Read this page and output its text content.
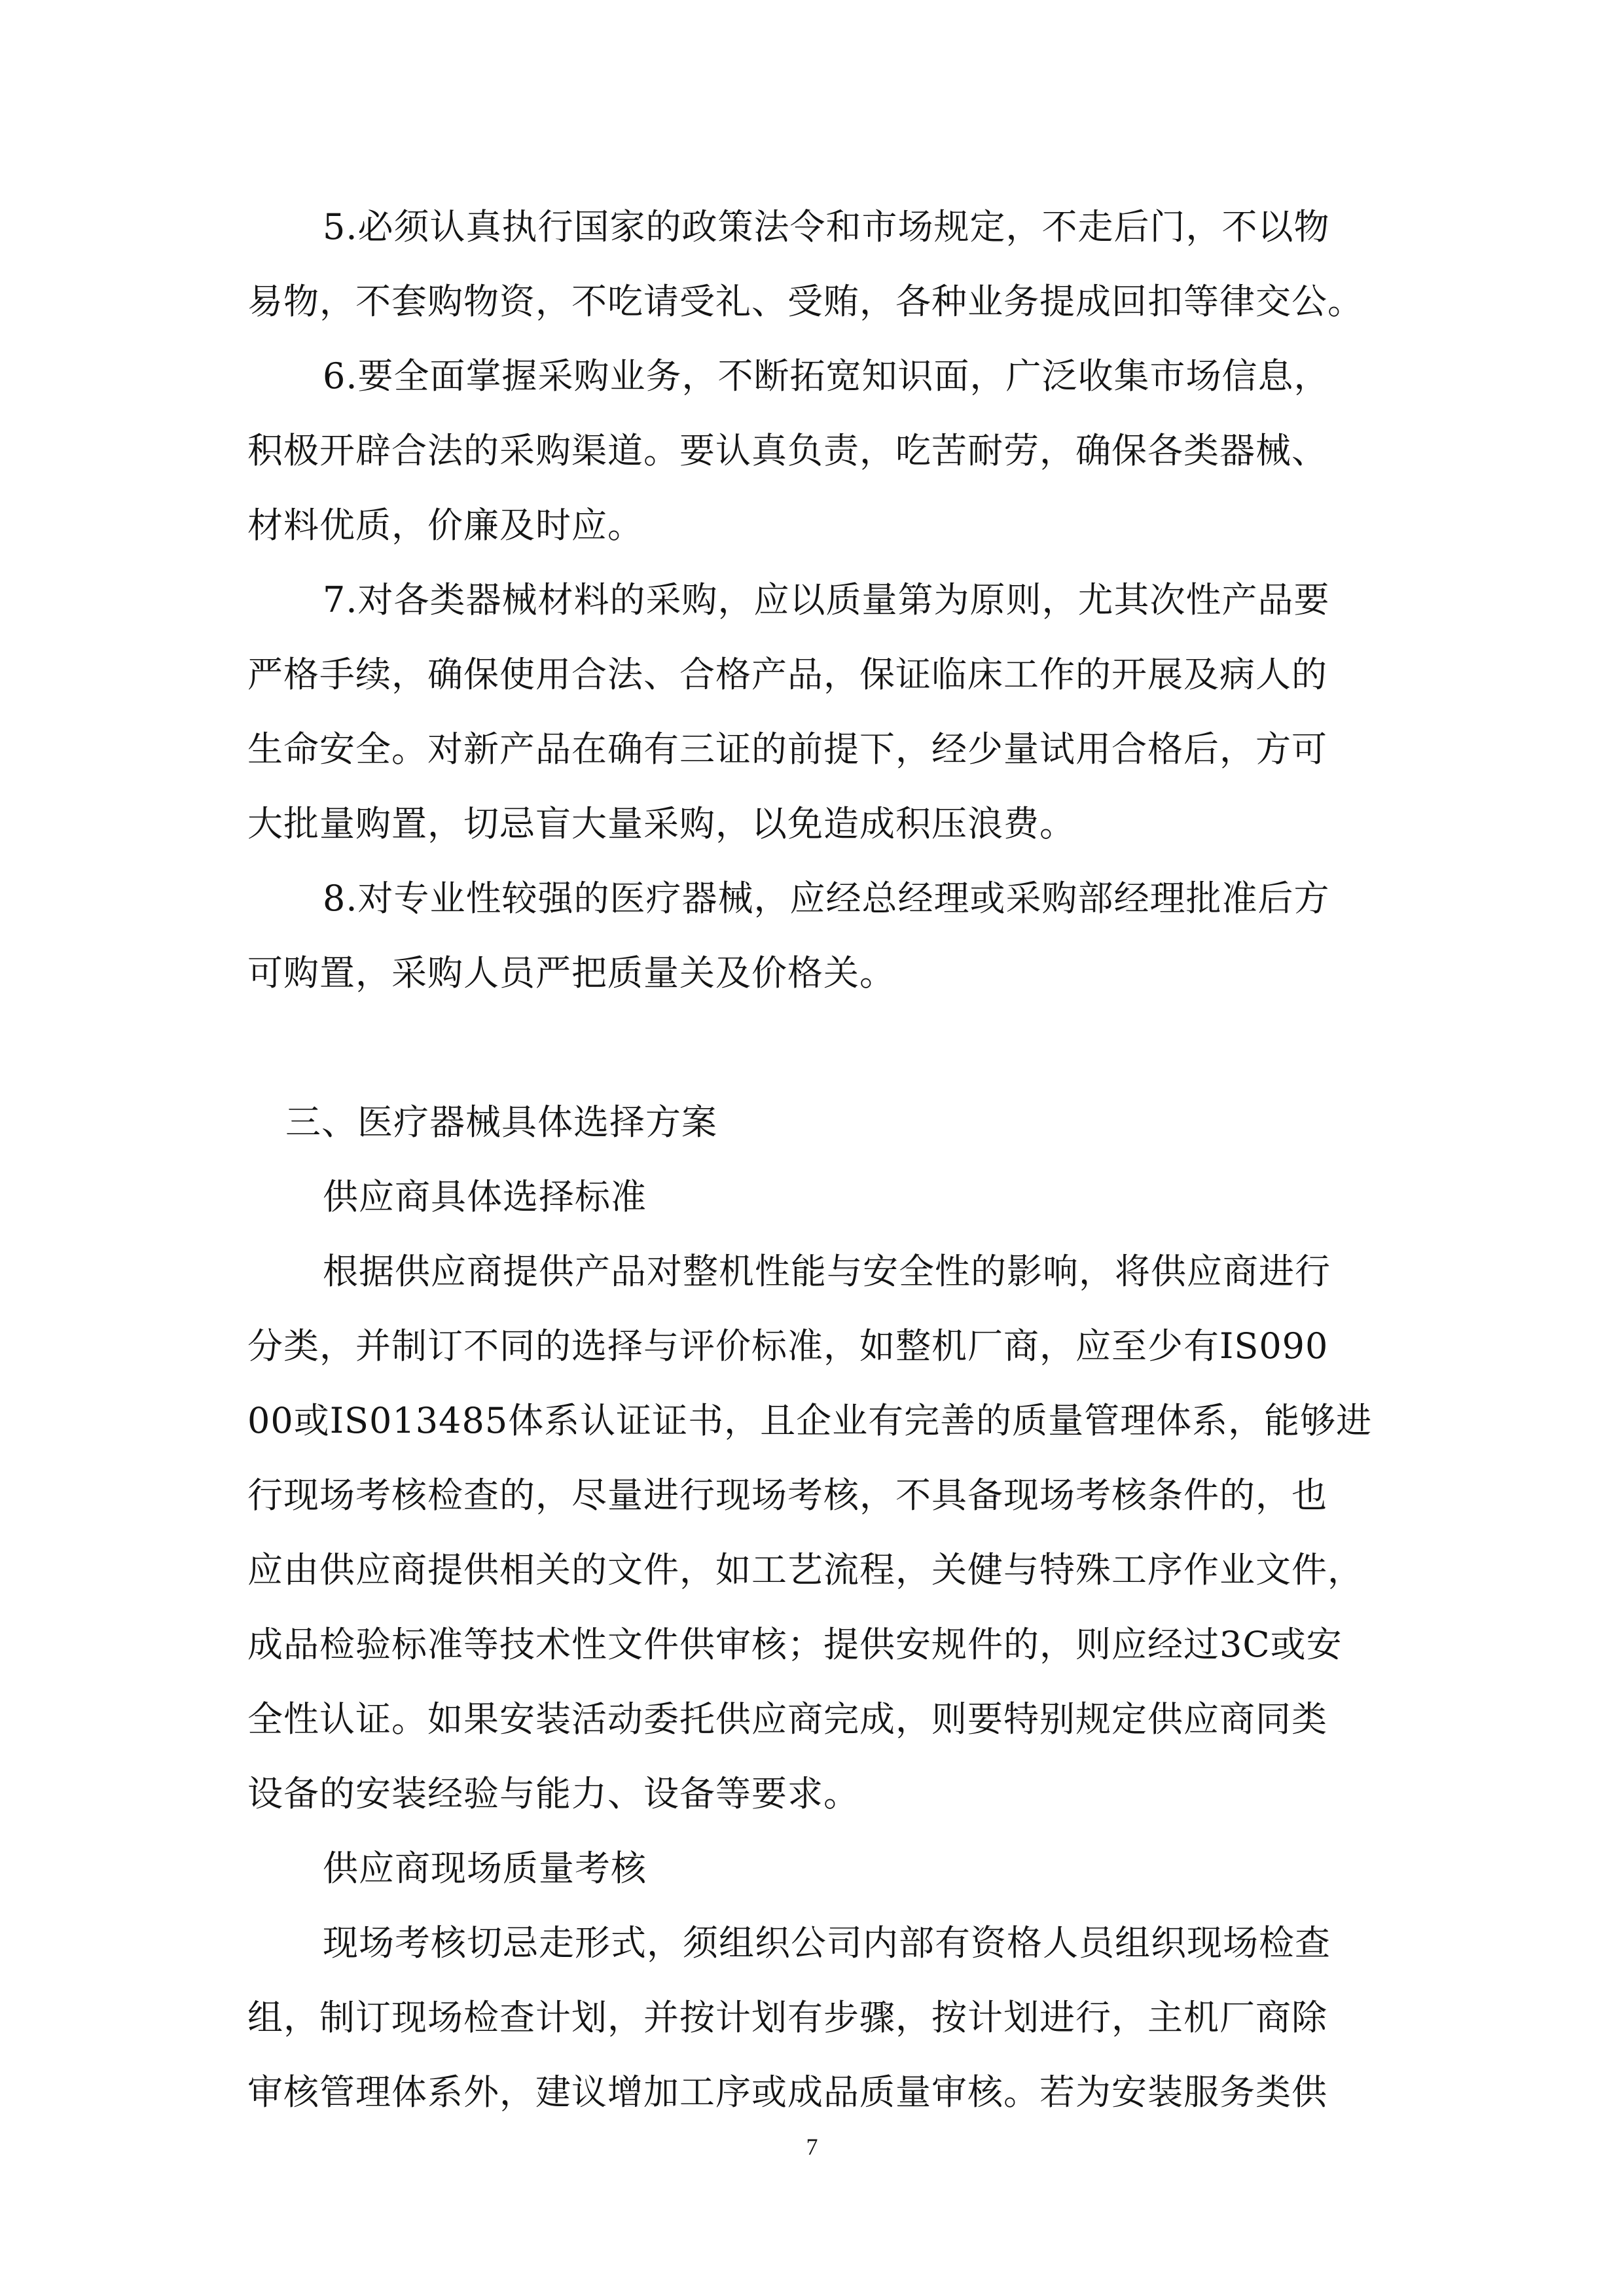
5.必须认真执行国家的政策法令和市场规定，不走后门，不以物
易物，不套购物资，不吃请受礼、受贿，各种业务提成回扣等律交公。
6.要全面掌握采购业务，不断拓宽知识面，广泛收集市场信息，
积极开辟合法的采购渠道。要认真负责，吃苦耐劳，确保各类器械、
材料优质，价廉及时应。
7.对各类器械材料的采购，应以质量第为原则，尤其次性产品要
严格手续，确保使用合法、合格产品，保证临床工作的开展及病人的
生命安全。对新产品在确有三证的前提下，经少量试用合格后，方可
大批量购置，切忌盲大量采购，以免造成积压浪费。
8.对专业性较强的医疗器械，应经总经理或采购部经理批准后方
可购置，采购人员严把质量关及价格关。
三、医疗器械具体选择方案
供应商具体选择标准
根据供应商提供产品对整机性能与安全性的影响，将供应商进行
分类，并制订不同的选择与评价标准，如整机厂商，应至少有IS090
00或IS013485体系认证证书，且企业有完善的质量管理体系，能够进
行现场考核检查的，尽量进行现场考核，不具备现场考核条件的，也
应由供应商提供相关的文件，如工艺流程，关健与特殊工序作业文件，
成品检验标准等技术性文件供审核；提供安规件的，则应经过3C或安
全性认证。如果安装活动委托供应商完成，则要特别规定供应商同类
设备的安装经验与能力、设备等要求。
供应商现场质量考核
现场考核切忌走形式，须组织公司内部有资格人员组织现场检查
组，制订现场检查计划，并按计划有步骤，按计划进行，主机厂商除
审核管理体系外，建议增加工序或成品质量审核。若为安装服务类供
7
